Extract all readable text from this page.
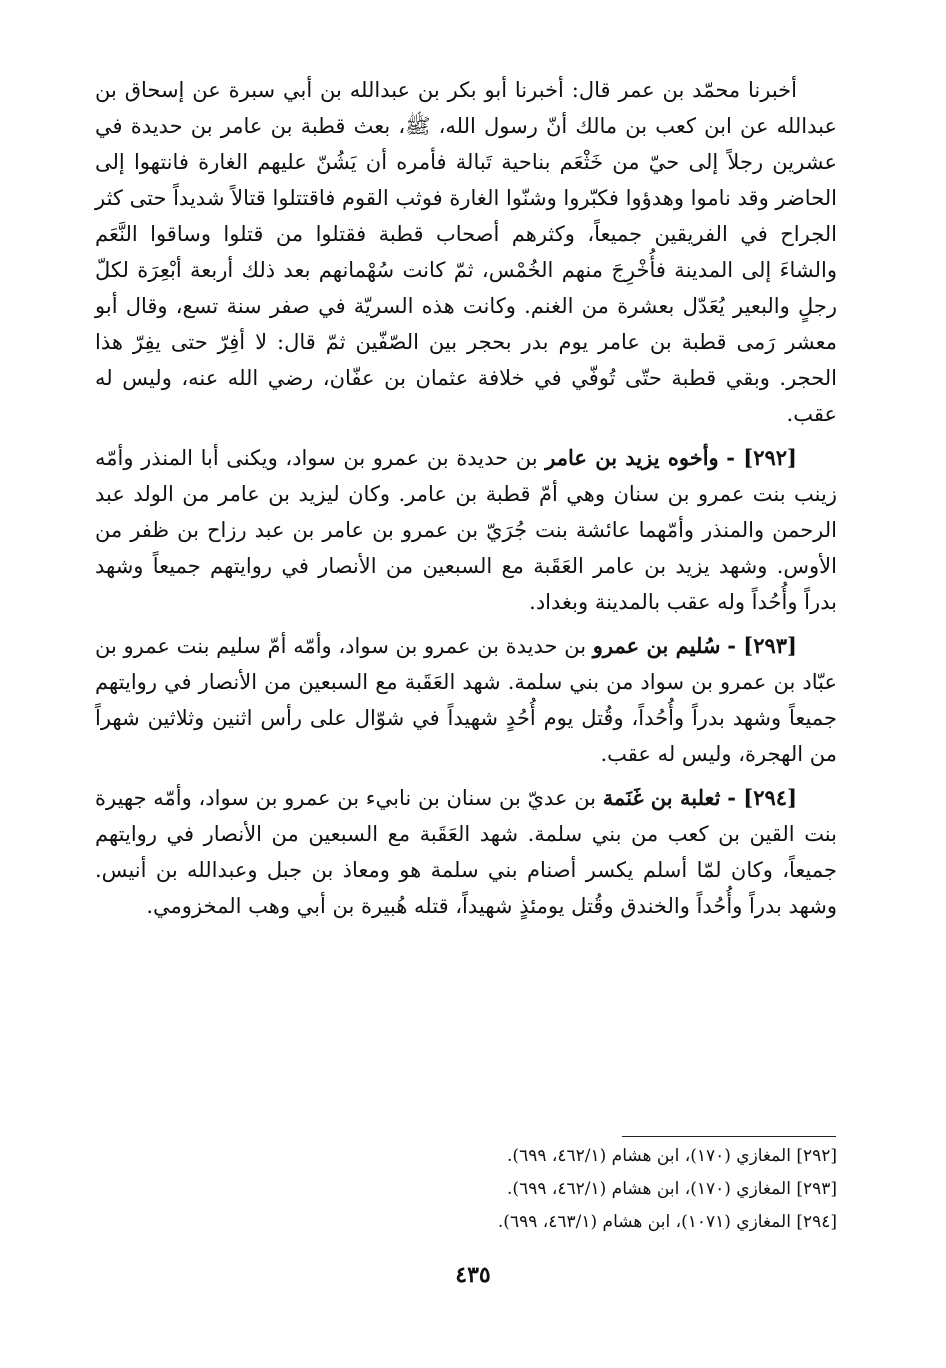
أخبرنا محمّد بن عمر قال: أخبرنا أبو بكر بن عبدالله بن أبي سبرة عن إسحاق بن عبدالله عن ابن كعب بن مالك أنّ رسول الله، ﷺ، بعث قطبة بن عامر بن حديدة في عشرين رجلاً إلى حيّ من خَثْعَم بناحية تَبالة فأمره أن يَشُنّ عليهم الغارة فانتهوا إلى الحاضر وقد ناموا وهدؤوا فكبّروا وشنّوا الغارة فوثب القوم فاقتتلوا قتالاً شديداً حتى كثر الجراح في الفريقين جميعاً، وكثرهم أصحاب قطبة فقتلوا من قتلوا وساقوا النَّعَم والشاءَ إلى المدينة فأُخْرِجَ منهم الخُمْس، ثمّ كانت سُهْمانهم بعد ذلك أربعة أبْعِرَة لكلّ رجلٍ والبعير يُعَدّل بعشرة من الغنم. وكانت هذه السريّة في صفر سنة تسع، وقال أبو معشر رَمى قطبة بن عامر يوم بدر بحجر بين الصّفّين ثمّ قال: لا أفِرّ حتى يفِرّ هذا الحجر. وبقي قطبة حتّى تُوفّي في خلافة عثمان بن عفّان، رضي الله عنه، وليس له عقب.

[٢٩٢] - وأخوه يزيد بن عامر بن حديدة بن عمرو بن سواد، ويكنى أبا المنذر وأمّه زينب بنت عمرو بن سنان وهي أمّ قطبة بن عامر. وكان ليزيد بن عامر من الولد عبد الرحمن والمنذر وأمّهما عائشة بنت جُرَيّ بن عمرو بن عامر بن عبد رزاح بن ظفر من الأوس. وشهد يزيد بن عامر العَقَبة مع السبعين من الأنصار في روايتهم جميعاً وشهد بدراً وأُحُداً وله عقب بالمدينة وبغداد.

[٢٩٣] - سُليم بن عمرو بن حديدة بن عمرو بن سواد، وأمّه أمّ سليم بنت عمرو بن عبّاد بن عمرو بن سواد من بني سلمة. شهد العَقَبة مع السبعين من الأنصار في روايتهم جميعاً وشهد بدراً وأُحُداً، وقُتل يوم أُحُدٍ شهيداً في شوّال على رأس اثنين وثلاثين شهراً من الهجرة، وليس له عقب.

[٢٩٤] - ثعلبة بن غَنَمة بن عديّ بن سنان بن نابيء بن عمرو بن سواد، وأمّه جهيرة بنت القين بن كعب من بني سلمة. شهد العَقَبة مع السبعين من الأنصار في روايتهم جميعاً، وكان لمّا أسلم يكسر أصنام بني سلمة هو ومعاذ بن جبل وعبدالله بن أنيس. وشهد بدراً وأُحُداً والخندق وقُتل يومئذٍ شهيداً، قتله هُبيرة بن أبي وهب المخزومي.

[٢٩٢] المغازي (١٧٠)، ابن هشام (٤٦٢/١، ٦٩٩).

[٢٩٣] المغازي (١٧٠)، ابن هشام (٤٦٢/١، ٦٩٩).

[٢٩٤] المغازي (١٠٧١)، ابن هشام (٤٦٣/١، ٦٩٩).

٤٣٥
